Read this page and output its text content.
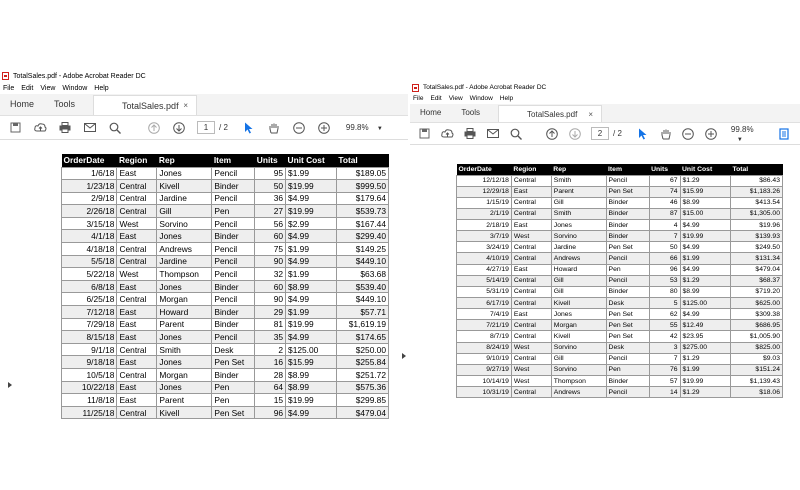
TotalSales.pdf - Adobe Acrobat Reader DC
File Edit View Window Help
Home	Tools	TotalSales.pdf ×
1	/
2	99.8% ▼
OrderDate	Region	Rep	Item	Units	Unit Cost	Total
1/6/18	East	Jones	Pencil	95	$1.99	$189.05
1/23/18	Central	Kivell	Binder	50	$19.99	$999.50
2/9/18	Central	Jardine	Pencil	36	$4.99	$179.64
2/26/18	Central	Gill	Pen	27	$19.99	$539.73
3/15/18	West	Sorvino	Pencil	56	$2.99	$167.44
4/1/18	East	Jones	Binder	60	$4.99	$299.40
4/18/18	Central	Andrews	Pencil	75	$1.99	$149.25
5/5/18	Central	Jardine	Pencil	90	$4.99	$449.10
5/22/18	West	Thompson	Pencil	32	$1.99	$63.68
6/8/18	East	Jones	Binder	60	$8.99	$539.40
6/25/18	Central	Morgan	Pencil	90	$4.99	$449.10
7/12/18	East	Howard	Binder	29	$1.99	$57.71
7/29/18	East	Parent	Binder	81	$19.99	$1,619.19
8/15/18	East	Jones	Pencil	35	$4.99	$174.65
9/1/18	Central	Smith	Desk	2	$125.00	$250.00
9/18/18	East	Jones	Pen Set	16	$15.99	$255.84
10/5/18	Central	Morgan	Binder	28	$8.99	$251.72
10/22/18	East	Jones	Pen	64	$8.99	$575.36
11/8/18	East	Parent	Pen	15	$19.99	$299.85
11/25/18	Central	Kivell	Pen Set	96	$4.99	$479.04
TotalSales.pdf - Adobe Acrobat Reader DC
File Edit View Window Help
Home	Tools	TotalSales.pdf ×
2	/
2	99.8% ▼
OrderDate	Region	Rep	Item	Units	Unit Cost	Total
12/12/18	Central	Smith	Pencil	67	$1.29	$86.43
12/29/18	East	Parent	Pen Set	74	$15.99	$1,183.26
1/15/19	Central	Gill	Binder	46	$8.99	$413.54
2/1/19	Central	Smith	Binder	87	$15.00	$1,305.00
2/18/19	East	Jones	Binder	4	$4.99	$19.96
3/7/19	West	Sorvino	Binder	7	$19.99	$139.93
3/24/19	Central	Jardine	Pen Set	50	$4.99	$249.50
4/10/19	Central	Andrews	Pencil	66	$1.99	$131.34
4/27/19	East	Howard	Pen	96	$4.99	$479.04
5/14/19	Central	Gill	Pencil	53	$1.29	$68.37
5/31/19	Central	Gill	Binder	80	$8.99	$719.20
6/17/19	Central	Kivell	Desk	5	$125.00	$625.00
7/4/19	East	Jones	Pen Set	62	$4.99	$309.38
7/21/19	Central	Morgan	Pen Set	55	$12.49	$686.95
8/7/19	Central	Kivell	Pen Set	42	$23.95	$1,005.90
8/24/19	West	Sorvino	Desk	3	$275.00	$825.00
9/10/19	Central	Gill	Pencil	7	$1.29	$9.03
9/27/19	West	Sorvino	Pen	76	$1.99	$151.24
10/14/19	West	Thompson	Binder	57	$19.99	$1,139.43
10/31/19	Central	Andrews	Pencil	14	$1.29	$18.06
